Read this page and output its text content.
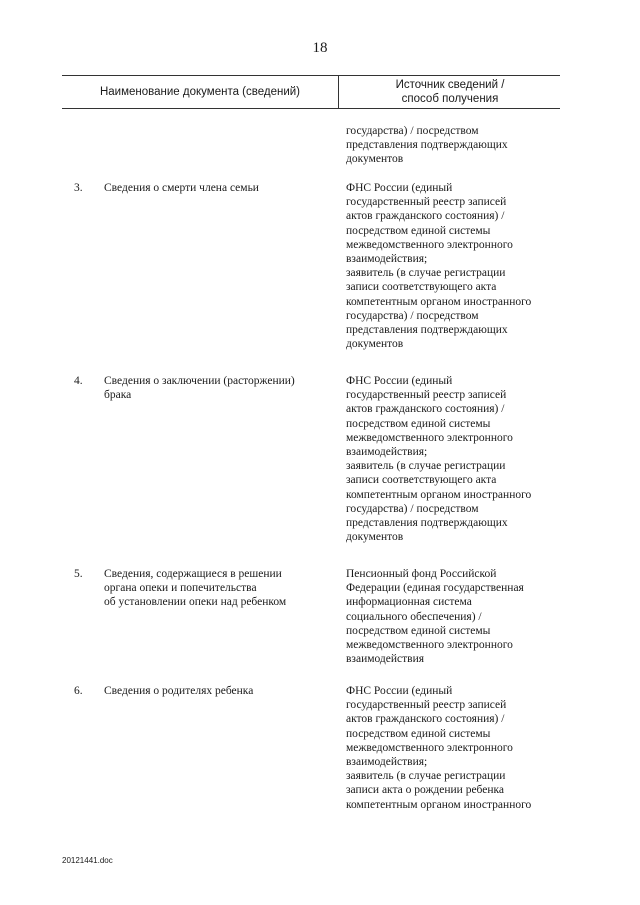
18
Наименование документа (сведений)
Источник сведений /
способ получения
государства) / посредством
представления подтверждающих
документов
3. Сведения о смерти члена семьи	ФНС России (единый
государственный реестр записей
актов гражданского состояния) /
посредством единой системы
межведомственного электронного
взаимодействия;
заявитель (в случае регистрации
записи соответствующего акта
компетентным органом иностранного
государства) / посредством
представления подтверждающих
документов
4. Сведения о заключении (расторжении)
брака
ФНС России (единый
государственный реестр записей
актов гражданского состояния) /
посредством единой системы
межведомственного электронного
взаимодействия;
заявитель (в случае регистрации
записи соответствующего акта
компетентным органом иностранного
государства) / посредством
представления подтверждающих
документов
5. Сведения, содержащиеся в решении
органа опеки и попечительства
об установлении опеки над ребенком
Пенсионный фонд Российской
Федерации (единая государственная
информационная система
социального обеспечения) /
посредством единой системы
межведомственного электронного
взаимодействия
6. Сведения о родителях ребенка	ФНС России (единый
государственный реестр записей
актов гражданского состояния) /
посредством единой системы
межведомственного электронного
взаимодействия;
заявитель (в случае регистрации
записи акта о рождении ребенка
компетентным органом иностранного
20121441.doc
